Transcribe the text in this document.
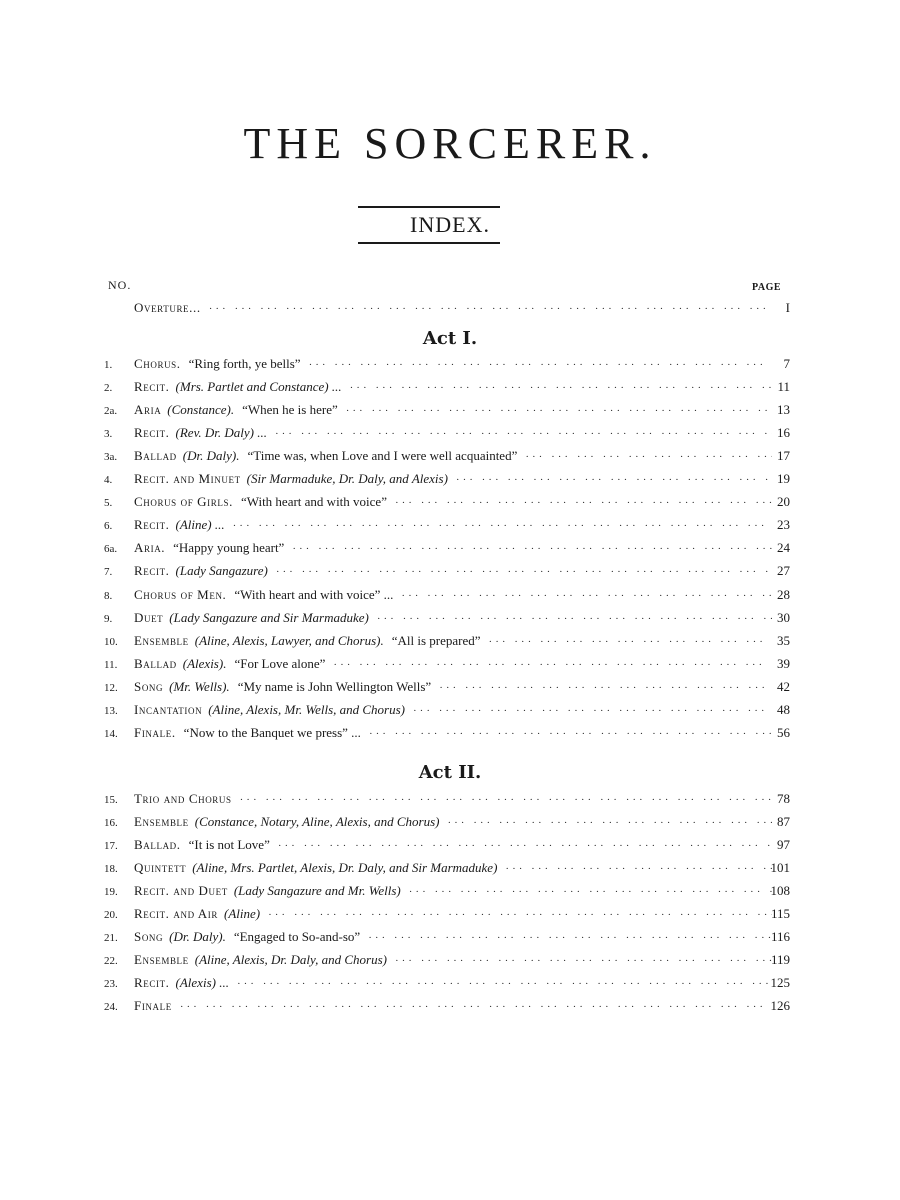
THE SORCERER.
INDEX.
NO.	PAGE
Overture... ··· ·	I
Act I.
1.	Chorus. “Ring forth, ye bells” ··· ·	7
2.	Recit. (Mrs. Partlet and Constance) ... ··· ·	11
2a.	Aria (Constance). “When he is here” ··· ·	13
3.	Recit. (Rev. Dr. Daly) ... ··· ·	16
3a.	Ballad (Dr. Daly). “Time was, when Love and I were well acquainted” ··· ·	17
4.	Recit. and Minuet (Sir Marmaduke, Dr. Daly, and Alexis) ··· ·	19
5.	Chorus of Girls. “With heart and with voice” ··· ·	20
6.	Recit. (Aline) ... ··· ·	23
6a.	Aria. “Happy young heart” ··· ·	24
7.	Recit. (Lady Sangazure) ··· ·	27
8.	Chorus of Men. “With heart and with voice” ... ··· ·	28
9.	Duet (Lady Sangazure and Sir Marmaduke) ··· ·	30
10.	Ensemble (Aline, Alexis, Lawyer, and Chorus). “All is prepared” ··· ·	35
11.	Ballad (Alexis). “For Love alone” ··· ·	39
12.	Song (Mr. Wells). “My name is John Wellington Wells” ··· ·	42
13.	Incantation (Aline, Alexis, Mr. Wells, and Chorus) ··· ·	48
14.	Finale. “Now to the Banquet we press” ... ··· ·	56
Act II.
15.	Trio and Chorus ··· ·	78
16.	Ensemble (Constance, Notary, Aline, Alexis, and Chorus) ··· ·	87
17.	Ballad. “It is not Love” ··· ·	97
18.	Quintett (Aline, Mrs. Partlet, Alexis, Dr. Daly, and Sir Marmaduke) ··· ·	101
19.	Recit. and Duet (Lady Sangazure and Mr. Wells) ··· ·	108
20.	Recit. and Air (Aline) ··· ·	115
21.	Song (Dr. Daly). “Engaged to So-and-so” ··· ·	116
22.	Ensemble (Aline, Alexis, Dr. Daly, and Chorus) ··· ·	119
23.	Recit. (Alexis) ... ··· ·	125
24.	Finale ··· ·	126
